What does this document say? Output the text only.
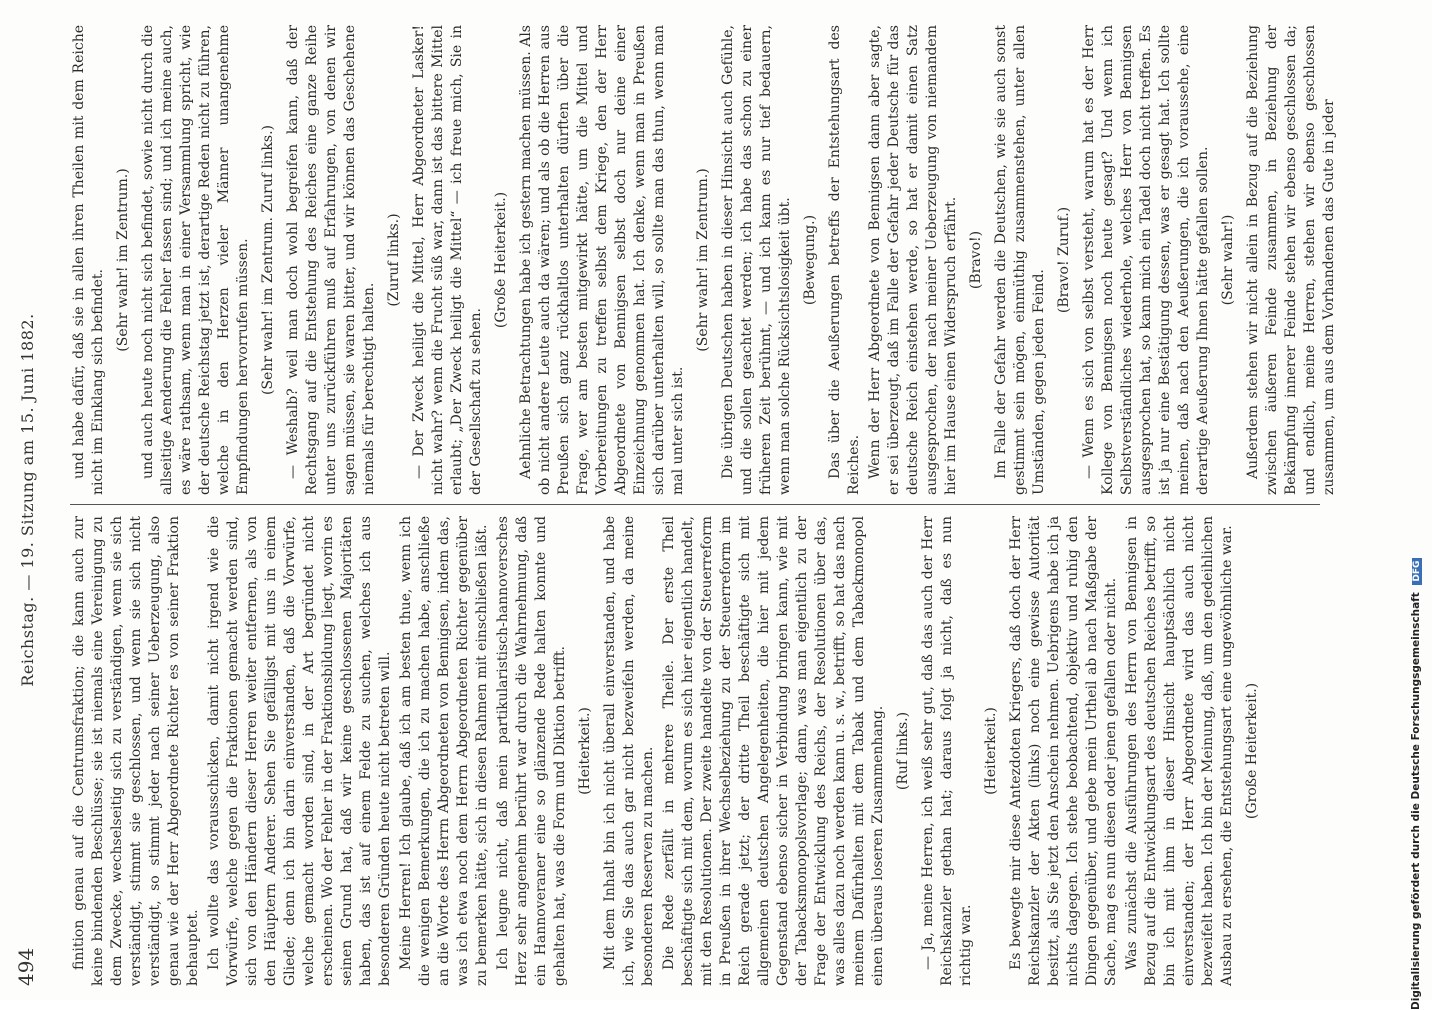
494
Reichstag. — 19. Sitzung am 15. Juni 1882.

finition genau auf die Centrumsfraktion; die kann auch zur keine bindenden Beschlüsse; sie ist niemals eine Vereinigung zu dem Zwecke, wechselseitig sich zu verständigen, wenn sie sich verständigt, stimmt sie geschlossen, und wenn sie sich nicht verständigt, so stimmt jeder nach seiner Ueberzeugung, also genau wie der Herr Abgeordnete Richter es von seiner Fraktion behauptet. Ich wollte das vorausschicken, damit nicht irgend wie die Vorwürfe, welche gegen die Fraktionen gemacht werden sind, sich von den Händern dieser Herren weiter entfernen, als von den Häuptern Anderer. Sehen Sie gefälligst mit uns in einem Gliede; denn ich bin darin einverstanden, daß die Vorwürfe, welche gemacht worden sind, in der Art begründet nicht erscheinen. Wo der Fehler in der Fraktionsbildung liegt, worin es seinen Grund hat, daß wir keine geschlossenen Majoritäten haben, das ist auf einem Felde zu suchen, welches ich aus besonderen Gründen heute nicht betreten will. Meine Herren! Ich glaube, daß ich am besten thue, wenn ich die wenigen Bemerkungen, die ich zu machen habe, anschließe an die Worte des Herrn Abgeordneten von Bennigsen, indem das, was ich etwa noch dem Herrn Abgeordneten Richter gegenüber zu bemerken hätte, sich in diesen Rahmen mit einschließen läßt. Ich leugne nicht, daß mein partikularistisch-hannoversches Herz sehr angenehm berührt war durch die Wahrnehmung, daß ein Hannoveraner eine so glänzende Rede halten konnte und gehalten hat, was die Form und Diktion betrifft. (Heiterkeit.) Mit dem Inhalt bin ich nicht überall einverstanden, und habe ich, wie Sie das auch gar nicht bezweifeln werden, da meine besonderen Reserven zu machen. Die Rede zerfällt in mehrere Theile. Der erste Theil beschäftigte sich mit dem, worum es sich hier eigentlich handelt, mit den Resolutionen. Der zweite handelte von der Steuerreform in Preußen in ihrer Wechselbeziehung zu der Steuerreform im Reich gerade jetzt; der dritte Theil beschäftigte sich mit allgemeinen deutschen Angelegenheiten, die hier mit jedem Gegenstand ebenso sicher in Verbindung bringen kann, wie mit der Tabacksmonopolsvorlage; dann, was man eigentlich zu der Frage der Entwicklung des Reichs, der Resolutionen über das, was alles dazu noch werden kann u. s. w., betrifft, so hat das nach meinem Dafürhalten mit dem Tabak und dem Tabackmonopol einen überaus loseren Zusammenhang. (Ruf links.) — Ja, meine Herren, ich weiß sehr gut, daß das auch der Herr Reichskanzler gethan hat; daraus folgt ja nicht, daß es nun richtig war.

(Heiterkeit.) Es bewegte mir diese Antezdoten Kriegers, daß doch der Herr Reichskanzler der Akten (links) noch eine gewisse Autorität besitzt, als Sie jetzt den Anschein nehmen. Uebrigens habe ich ja nichts dagegen. Ich stehe beobachtend, objektiv und ruhig den Dingen gegenüber, und gebe mein Urtheil ab nach Maßgabe der Sache, mag es nun diesen oder jenen gefallen oder nicht. Was zunächst die Ausführungen des Herrn von Bennigsen in Bezug auf die Entwicklungsart des deutschen Reiches betrifft, so bin ich mit ihm in dieser Hinsicht hauptsächlich nicht einverstanden; der Herr Abgeordnete wird das auch nicht bezweifelt haben. Ich bin der Meinung, daß, um den gedeihlichen Ausbau zu ersehen, die Entstehungsart eine ungewöhnliche war. (Große Heiterkeit.)

und habe dafür, daß sie in allen ihren Theilen mit dem Reiche nicht im Einklang sich befindet.

(Sehr wahr! im Zentrum.) und auch heute noch nicht sich befindet, sowie nicht durch die allseitige Aenderung die Fehler fassen sind; und ich meine auch, es wäre rathsam, wenn man in einer Versammlung spricht, wie der deutsche Reichstag jetzt ist, derartige Reden nicht zu führen, welche in den Herzen vieler Männer unangenehme Empfindungen hervorrufen müssen. (Sehr wahr! im Zentrum. Zuruf links.) — Weshalb? weil man doch wohl begreifen kann, daß der Rechtsgang auf die Entstehung des Reiches eine ganze Reihe unter uns zurückführen muß auf Erfahrungen, von denen wir sagen müssen, sie waren bitter, und wir können das Geschehene niemals für berechtigt halten.

(Zuruf links.) — Der Zweck heiligt die Mittel, Herr Abgeordneter Lasker! nicht wahr? wenn die Frucht süß war, dann ist das bittere Mittel erlaubt; „Der Zweck heiligt die Mittel“ — ich freue mich, Sie in der Gesellschaft zu sehen.

(Große Heiterkeit.) Aehnliche Betrachtungen habe ich gestern machen müssen. Als ob nicht andere Leute auch da wären; und als ob die Herren aus Preußen sich ganz rückhaltlos unterhalten dürften über die Frage, wer am besten mitgewirkt hätte, um die Mittel und Vorbereitungen zu treffen selbst dem Kriege, den der Herr Abgeordnete von Bennigsen selbst doch nur deine einer Einzeichnung genommen hat. Ich denke, wenn man in Preußen sich darüber unterhalten will, so sollte man das thun, wenn man mal unter sich ist.

(Sehr wahr! im Zentrum.) Die übrigen Deutschen haben in dieser Hinsicht auch Gefühle, und die sollen geachtet werden; ich habe das schon zu einer früheren Zeit berühmt, — und ich kann es nur tief bedauern, wenn man solche Rücksichtslosigkeit übt. (Bewegung.) Das über die Aeußerungen betreffs der Entstehungsart des Reiches. Wenn der Herr Abgeordnete von Bennigsen dann aber sagte, er sei überzeugt, daß im Falle der Gefahr jeder Deutsche für das deutsche Reich einstehen werde, so hat er damit einen Satz ausgesprochen, der nach meiner Ueberzeugung von niemandem hier im Hause einen Widerspruch erfährt. (Bravo!) Im Falle der Gefahr werden die Deutschen, wie sie auch sonst gestimmt sein mögen, einmüthig zusammenstehen, unter allen Umständen, gegen jeden Feind.

(Bravo! Zuruf.) — Wenn es sich von selbst versteht, warum hat es der Herr Kollege von Bennigsen noch heute gesagt? Und wenn ich Selbstverständliches wiederhole, welches Herr von Bennigsen ausgesprochen hat, so kann mich ein Tadel doch nicht treffen. Es ist ja nur eine Bestätigung dessen, was er gesagt hat. Ich sollte meinen, daß nach den Aeußerungen, die ich voraussehe, eine derartige Aeußerung Ihnen hätte gefallen sollen. (Sehr wahr!) Außerdem stehen wir nicht allein in Bezug auf die Beziehung zwischen äußeren Feinde zusammen, in Beziehung der Bekämpfung innerer Feinde stehen wir ebenso geschlossen da; und endlich, meine Herren, stehen wir ebenso geschlossen zusammen, um aus dem Vorhandenen das Gute in jeder

Digitalisierung gefördert durch die Deutsche Forschungsgemeinschaft DFG
